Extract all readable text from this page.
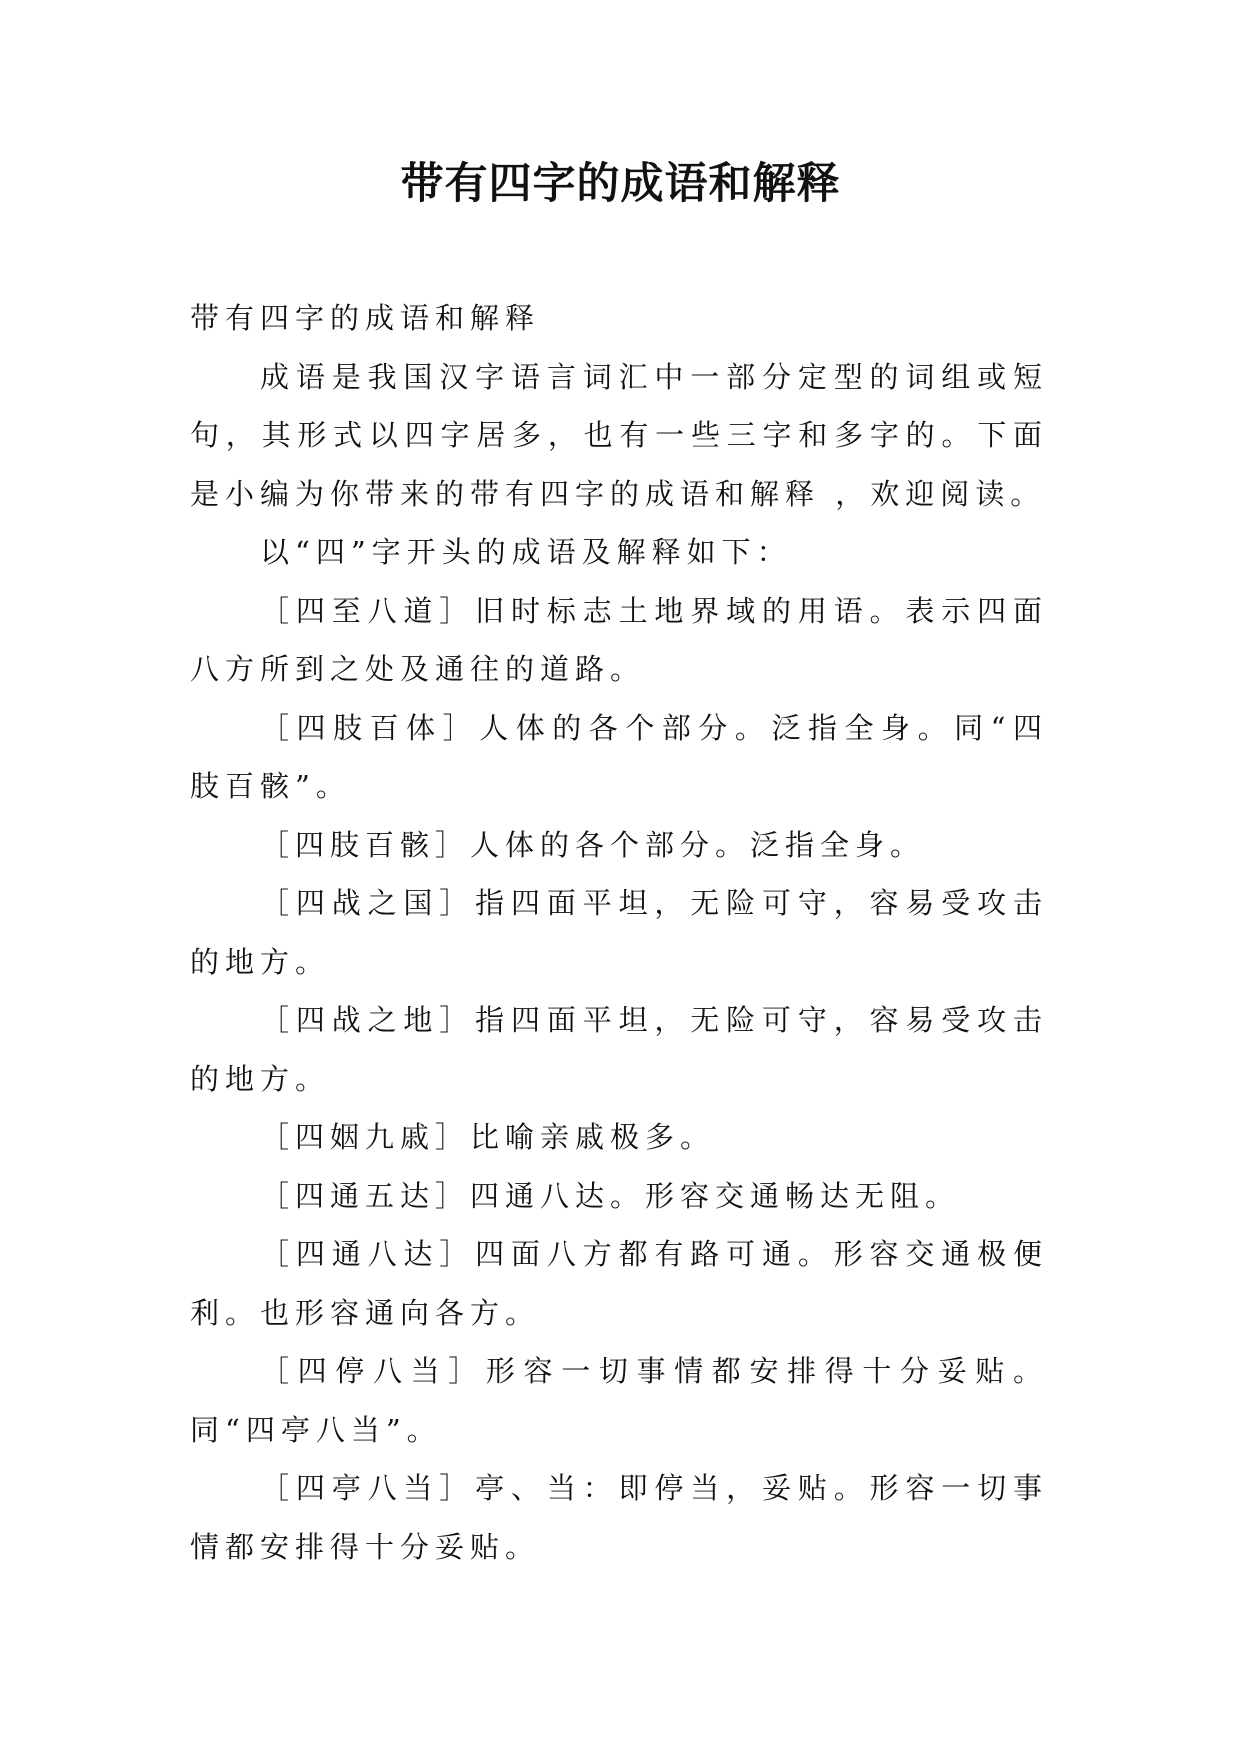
带有四字的成语和解释

带有四字的成语和解释

成语是我国汉字语言词汇中一部分定型的词组或短句，其形式以四字居多，也有一些三字和多字的。下面是小编为你带来的带有四字的成语和解释 ，欢迎阅读。

以“四”字开头的成语及解释如下：

［四至八道］旧时标志土地界域的用语。表示四面八方所到之处及通往的道路。

［四肢百体］人体的各个部分。泛指全身。同“四肢百骸”。

［四肢百骸］人体的各个部分。泛指全身。

［四战之国］指四面平坦，无险可守，容易受攻击的地方。

［四战之地］指四面平坦，无险可守，容易受攻击的地方。

［四姻九戚］比喻亲戚极多。

［四通五达］四通八达。形容交通畅达无阻。

［四通八达］四面八方都有路可通。形容交通极便利。也形容通向各方。

［四停八当］形容一切事情都安排得十分妥贴。同“四亭八当”。

［四亭八当］亭、当：即停当，妥贴。形容一切事情都安排得十分妥贴。
